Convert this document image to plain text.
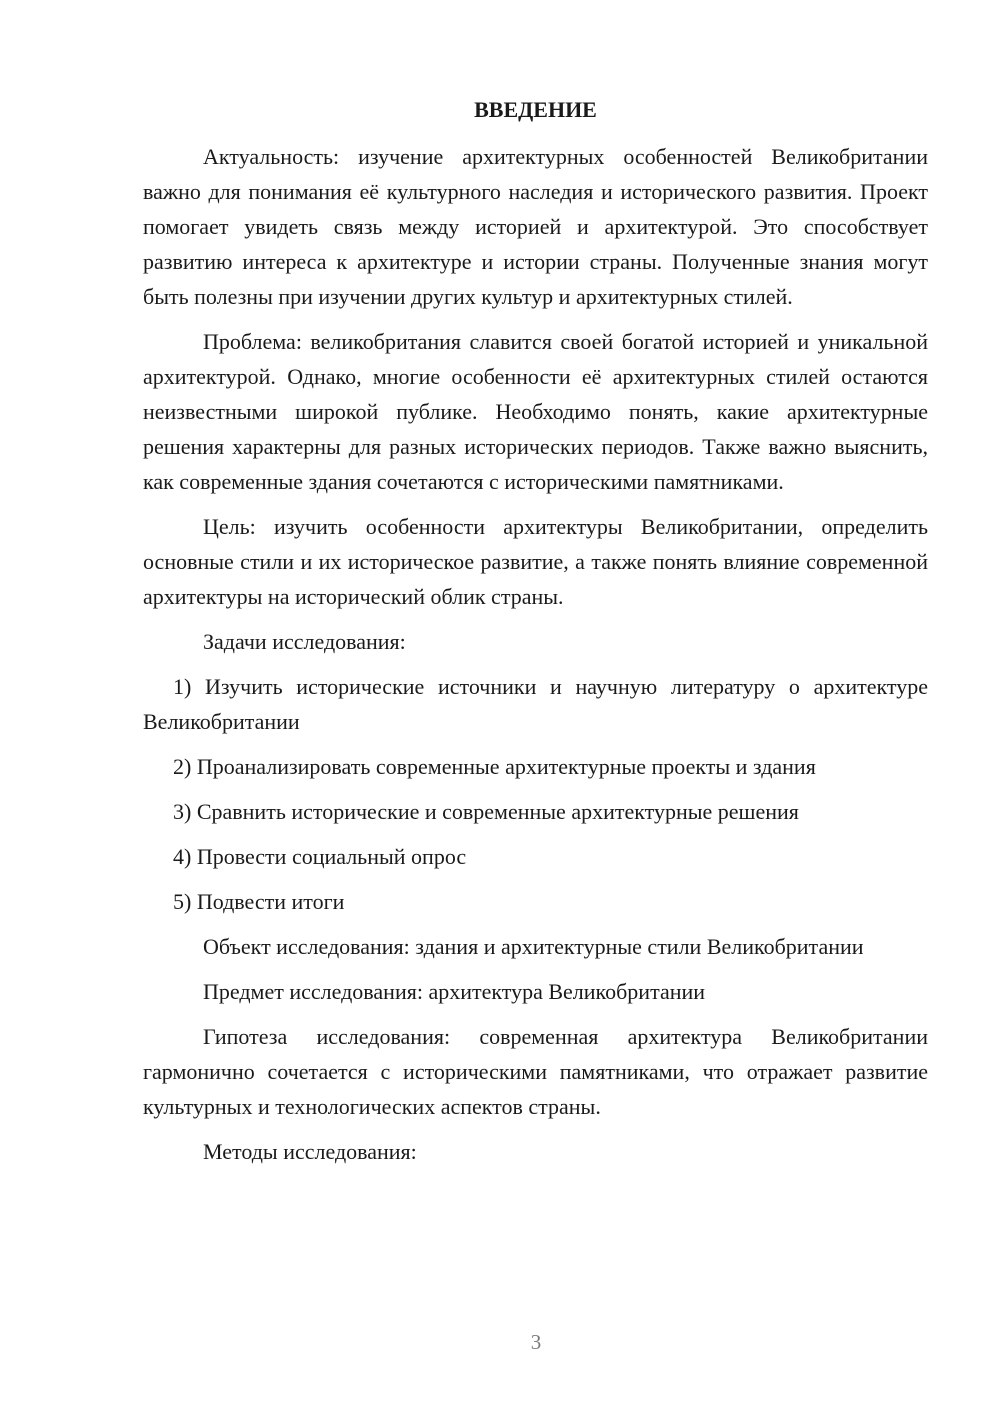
ВВЕДЕНИЕ

Актуальность: изучение архитектурных особенностей Великобритании важно для понимания её культурного наследия и исторического развития. Проект помогает увидеть связь между историей и архитектурой. Это способствует развитию интереса к архитектуре и истории страны. Полученные знания могут быть полезны при изучении других культур и архитектурных стилей.

Проблема: великобритания славится своей богатой историей и уникальной архитектурой. Однако, многие особенности её архитектурных стилей остаются неизвестными широкой публике. Необходимо понять, какие архитектурные решения характерны для разных исторических периодов. Также важно выяснить, как современные здания сочетаются с историческими памятниками.

Цель: изучить особенности архитектуры Великобритании, определить основные стили и их историческое развитие, а также понять влияние современной архитектуры на исторический облик страны.

Задачи исследования:

1) Изучить исторические источники и научную литературу о архитектуре Великобритании

2) Проанализировать современные архитектурные проекты и здания

3) Сравнить исторические и современные архитектурные решения

4) Провести социальный опрос

5) Подвести итоги

Объект исследования: здания и архитектурные стили Великобритании

Предмет исследования: архитектура Великобритании

Гипотеза исследования: современная архитектура Великобритании гармонично сочетается с историческими памятниками, что отражает развитие культурных и технологических аспектов страны.

Методы исследования:

3
